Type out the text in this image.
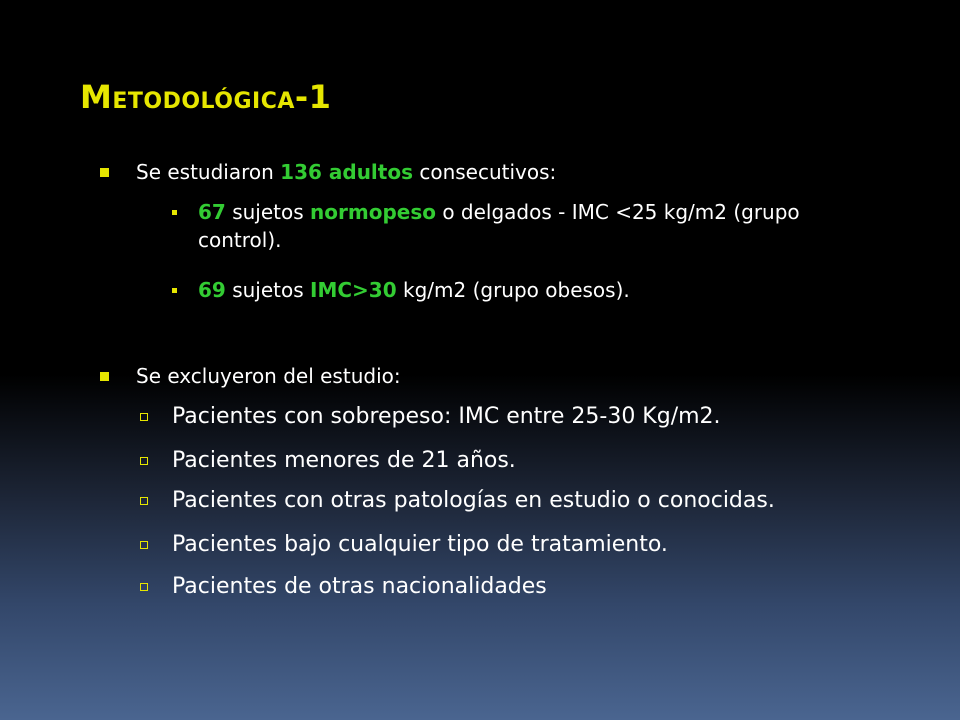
Metodológica-1
Se estudiaron 136 adultos consecutivos:
67 sujetos normopeso o delgados - IMC <25 kg/m2 (grupo control).
69 sujetos IMC>30 kg/m2 (grupo obesos).
Se excluyeron del estudio:
Pacientes con sobrepeso: IMC entre 25-30 Kg/m2.
Pacientes menores de 21 años.
Pacientes con otras patologías en estudio o conocidas.
Pacientes bajo cualquier tipo de tratamiento.
Pacientes de otras nacionalidades
